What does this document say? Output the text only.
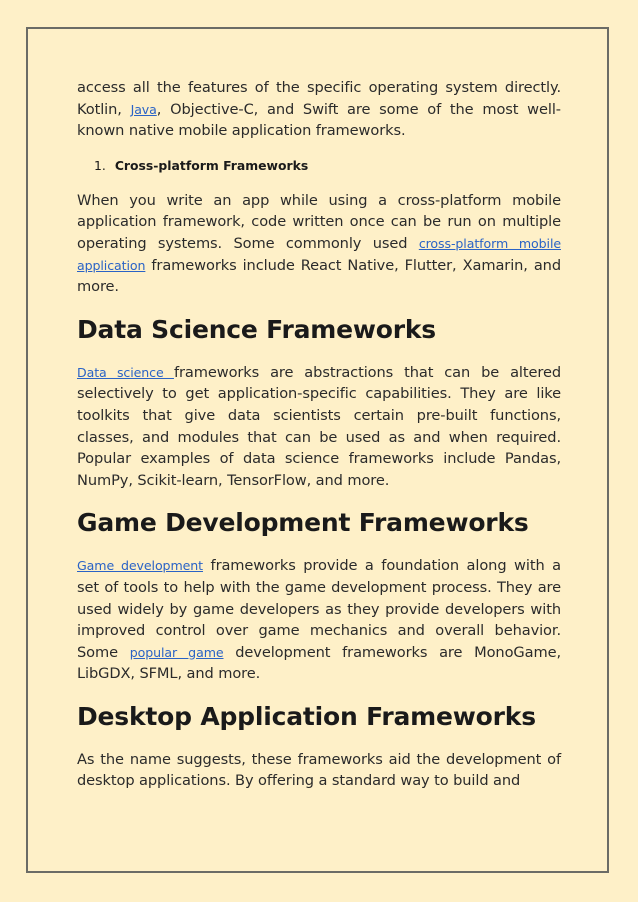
access all the features of the specific operating system directly. Kotlin, Java, Objective-C, and Swift are some of the most well-known native mobile application frameworks.

1. Cross-platform Frameworks

When you write an app while using a cross-platform mobile application framework, code written once can be run on multiple operating systems. Some commonly used cross-platform mobile application frameworks include React Native, Flutter, Xamarin, and more.

Data Science Frameworks

Data science frameworks are abstractions that can be altered selectively to get application-specific capabilities. They are like toolkits that give data scientists certain pre-built functions, classes, and modules that can be used as and when required. Popular examples of data science frameworks include Pandas, NumPy, Scikit-learn, TensorFlow, and more.

Game Development Frameworks

Game development frameworks provide a foundation along with a set of tools to help with the game development process. They are used widely by game developers as they provide developers with improved control over game mechanics and overall behavior. Some popular game development frameworks are MonoGame, LibGDX, SFML, and more.

Desktop Application Frameworks

As the name suggests, these frameworks aid the development of desktop applications. By offering a standard way to build and
